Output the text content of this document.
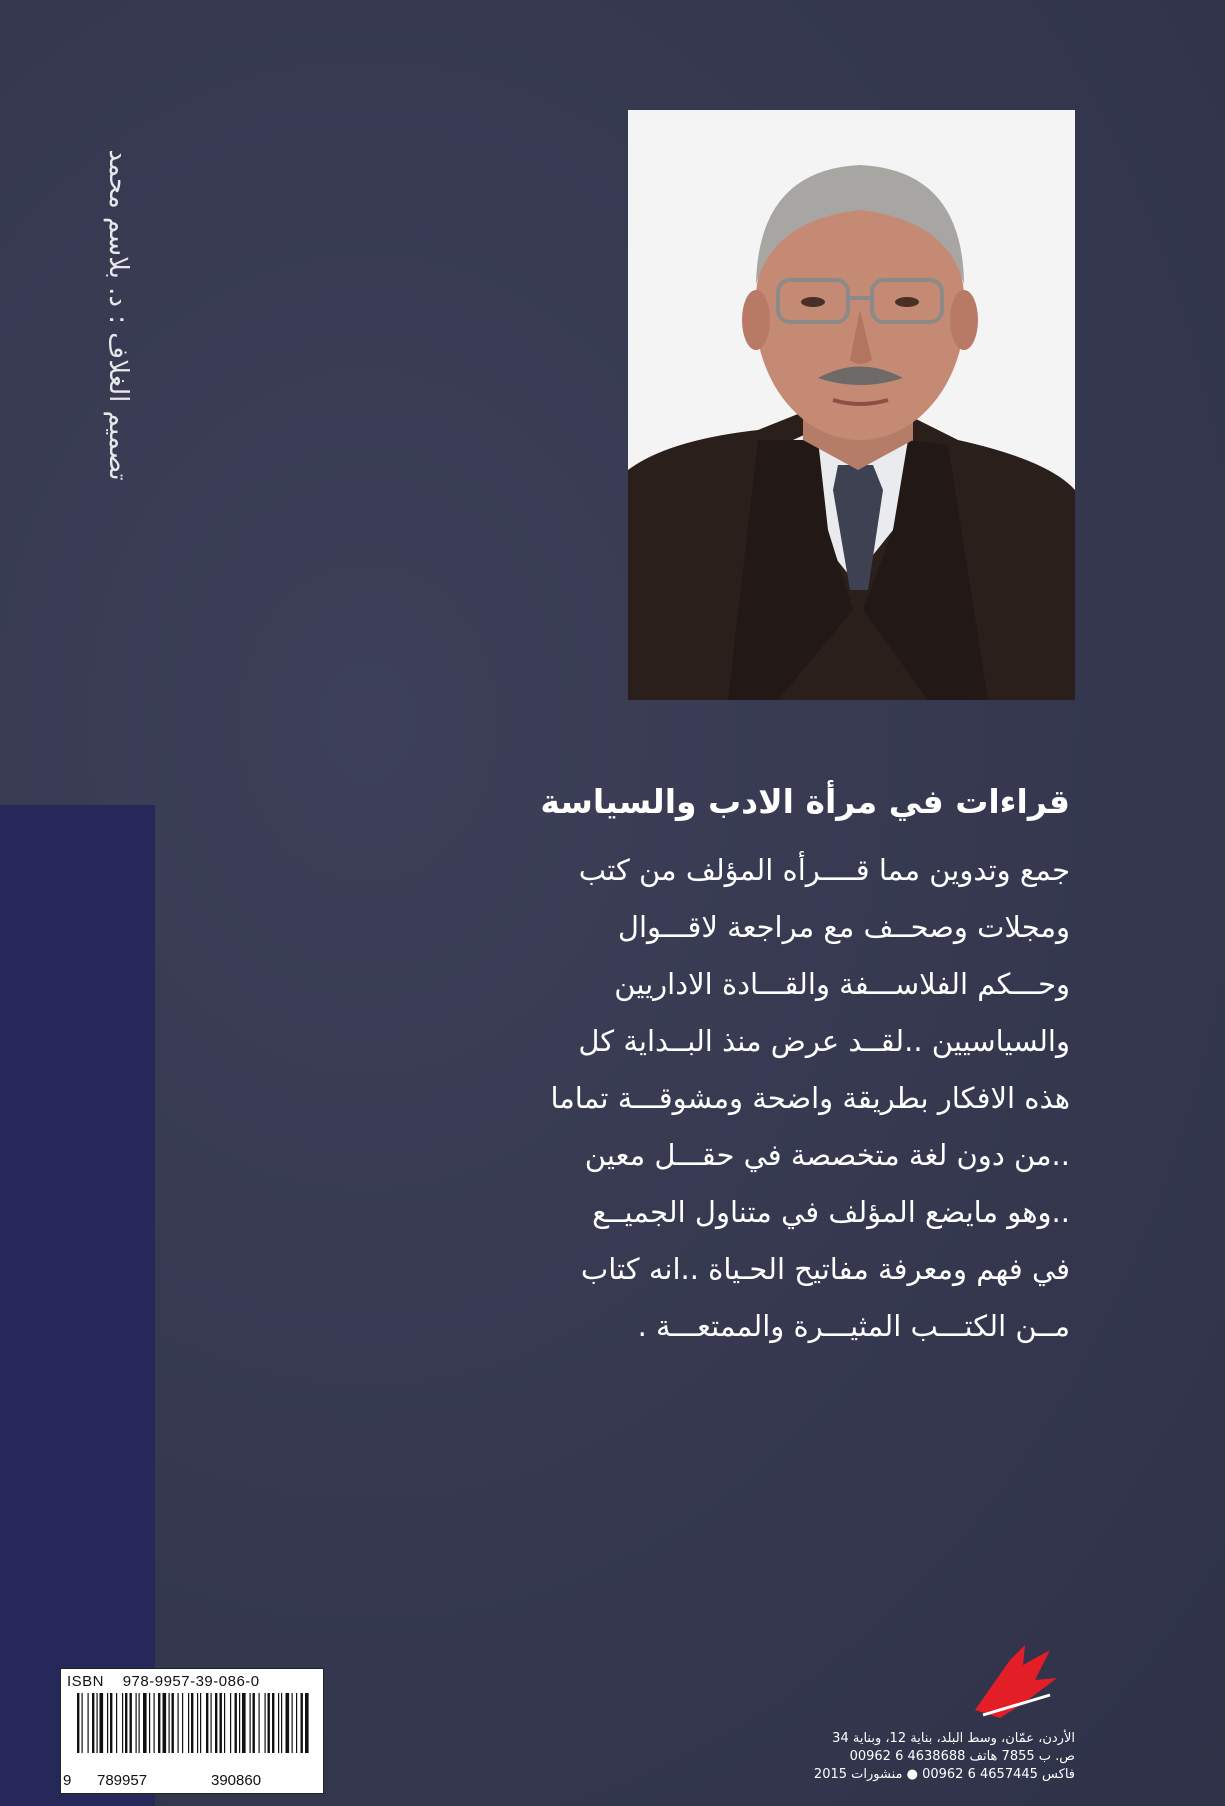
تصميم الغلاف : د. بلاسم محمد
قراءات في مرأة الادب والسياسة
جمع وتدوين مما قــــرأه المؤلف من كتب
ومجلات وصحــف مع مراجعة لاقـــوال
وحـــكم الفلاســـفة والقـــادة الاداريين
والسياسيين ..لقــد عرض منذ البــداية كل
هذه الافكار بطريقة واضحة ومشوقـــة تماما
..من دون لغة متخصصة في حقـــل معين
..وهو مايضع المؤلف في متناول الجميــع
في فهم ومعرفة مفاتيح الحـياة ..انه كتاب
مــن الكتـــب المثيـــرة والممتعـــة .
ISBN 978-9957-39-086-0
9 789957	390860
الأردن، عمّان، وسط البلد، بناية 12، وبناية 34
ص. ب 7855 هاتف 4638688 6 00962
فاكس 4657445 6 00962 ● منشورات 2015
